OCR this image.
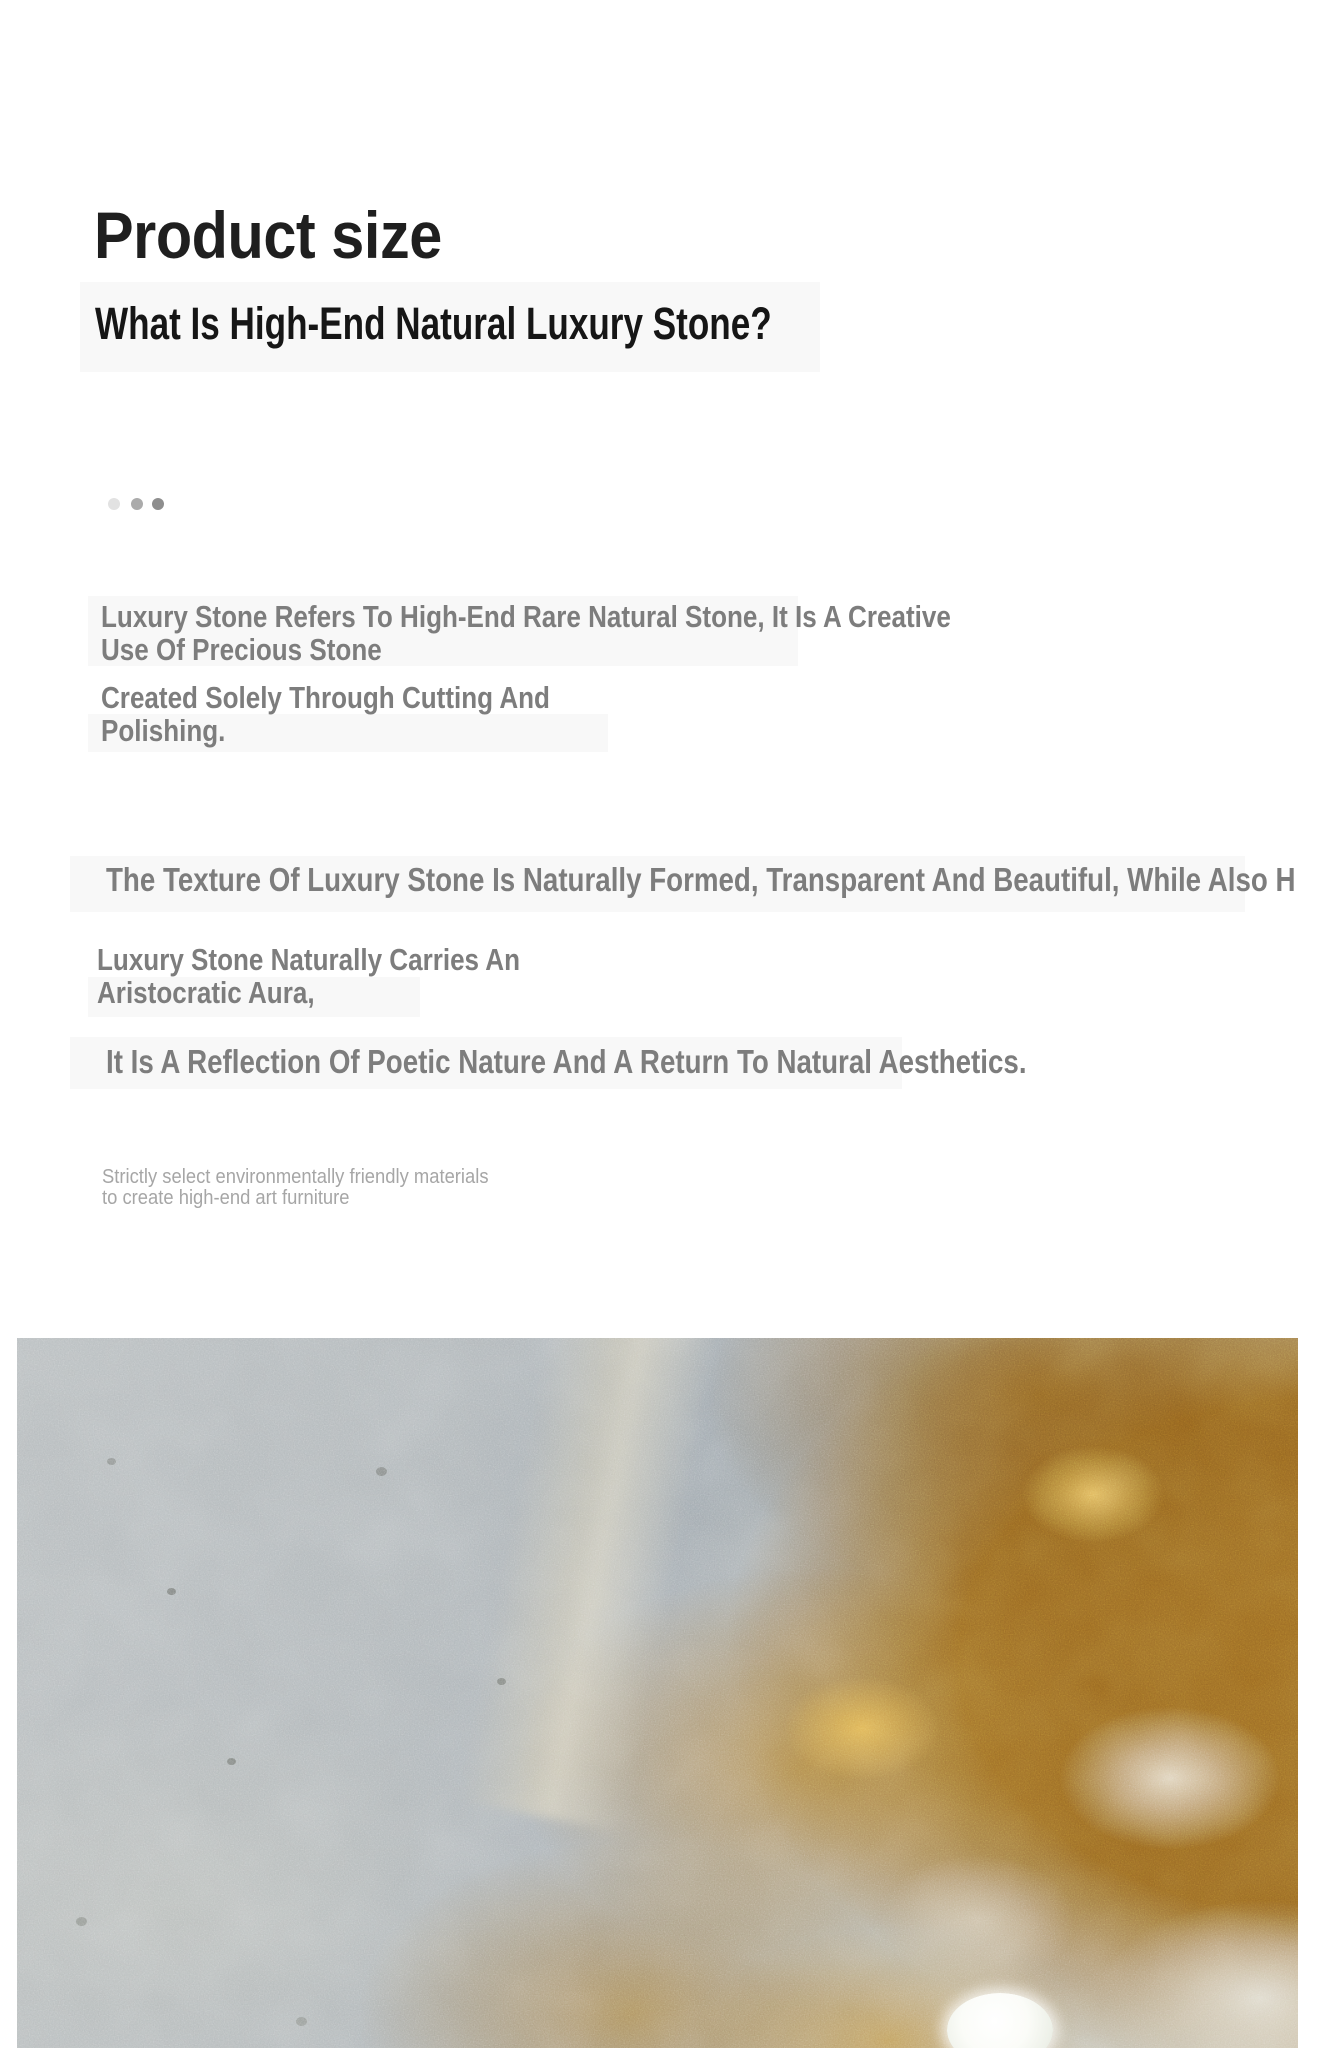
Product size
What Is High-End Natural Luxury Stone?
Luxury Stone Refers To High-End Rare Natural Stone, It Is A Creative
Use Of Precious Stone
Created Solely Through Cutting And
Polishing.
The Texture Of Luxury Stone Is Naturally Formed, Transparent And Beautiful, While Also H
Luxury Stone Naturally Carries An
Aristocratic Aura,
It Is A Reflection Of Poetic Nature And A Return To Natural Aesthetics.
Strictly select environmentally friendly materials
to create high-end art furniture
